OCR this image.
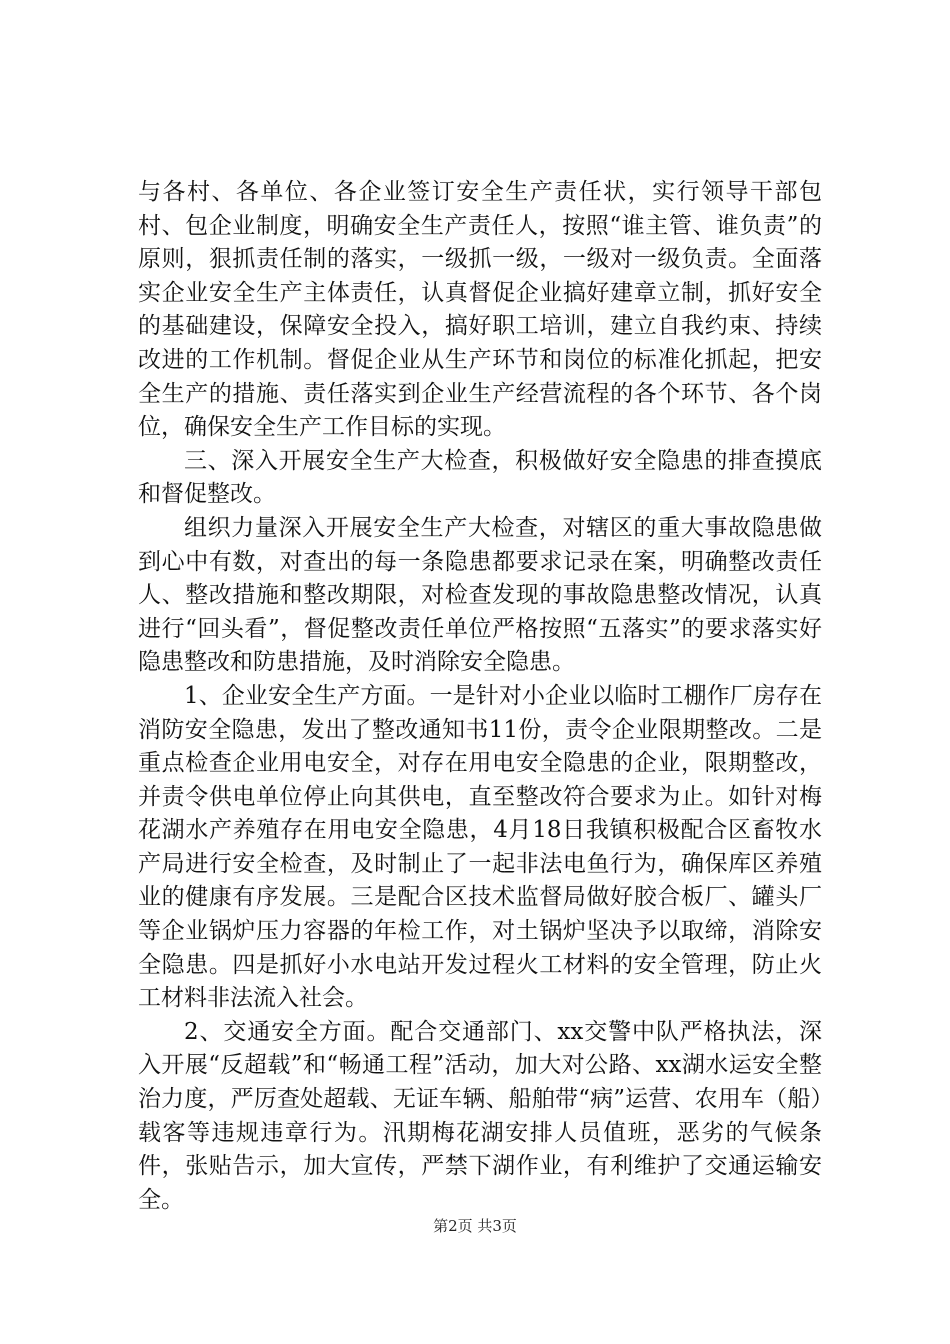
与各村、各单位、各企业签订安全生产责任状，实行领导干部包村、包企业制度，明确安全生产责任人，按照“谁主管、谁负责”的原则，狠抓责任制的落实，一级抓一级，一级对一级负责。全面落实企业安全生产主体责任，认真督促企业搞好建章立制，抓好安全的基础建设，保障安全投入，搞好职工培训，建立自我约束、持续改进的工作机制。督促企业从生产环节和岗位的标准化抓起，把安全生产的措施、责任落实到企业生产经营流程的各个环节、各个岗位，确保安全生产工作目标的实现。

三、深入开展安全生产大检查，积极做好安全隐患的排查摸底和督促整改。

组织力量深入开展安全生产大检查，对辖区的重大事故隐患做到心中有数，对查出的每一条隐患都要求记录在案，明确整改责任人、整改措施和整改期限，对检查发现的事故隐患整改情况，认真进行“回头看”，督促整改责任单位严格按照“五落实”的要求落实好隐患整改和防患措施，及时消除安全隐患。

1、企业安全生产方面。一是针对小企业以临时工棚作厂房存在消防安全隐患，发出了整改通知书11份，责令企业限期整改。二是重点检查企业用电安全，对存在用电安全隐患的企业，限期整改，并责令供电单位停止向其供电，直至整改符合要求为止。如针对梅花湖水产养殖存在用电安全隐患，4月18日我镇积极配合区畜牧水产局进行安全检查，及时制止了一起非法电鱼行为，确保库区养殖业的健康有序发展。三是配合区技术监督局做好胶合板厂、罐头厂等企业锅炉压力容器的年检工作，对土锅炉坚决予以取缔，消除安全隐患。四是抓好小水电站开发过程火工材料的安全管理，防止火工材料非法流入社会。

2、交通安全方面。配合交通部门、xx交警中队严格执法，深入开展“反超载”和“畅通工程”活动，加大对公路、xx湖水运安全整治力度，严厉查处超载、无证车辆、船舶带“病”运营、农用车（船）载客等违规违章行为。汛期梅花湖安排人员值班，恶劣的气候条件，张贴告示，加大宣传，严禁下湖作业，有利维护了交通运输安全。

第2页 共3页
